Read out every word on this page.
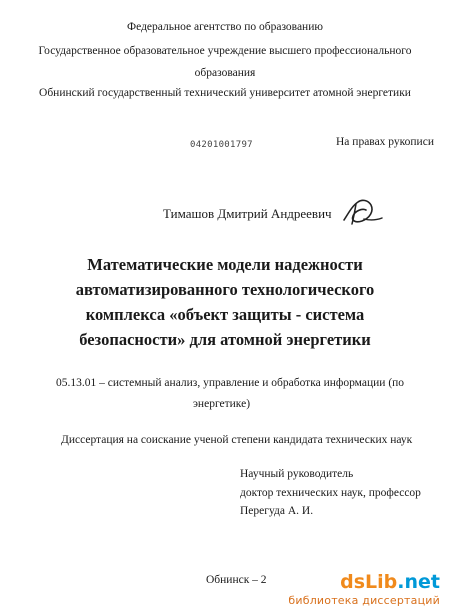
Федеральное агентство по образованию
Государственное образовательное учреждение высшего профессионального
образования
Обнинский государственный технический университет атомной энергетики
04201001797	На правах рукописи
Тимашов Дмитрий Андреевич
Математические модели надежности
автоматизированного технологического
комплекса «объект защиты - система
безопасности» для атомной энергетики
05.13.01 – системный анализ, управление и обработка информации (по
энергетике)
Диссертация на соискание ученой степени кандидата технических наук
Научный руководитель
доктор технических наук, профессор
Перегуда А. И.
Обнинск – 2	dsLib.net
библиотека диссертаций
